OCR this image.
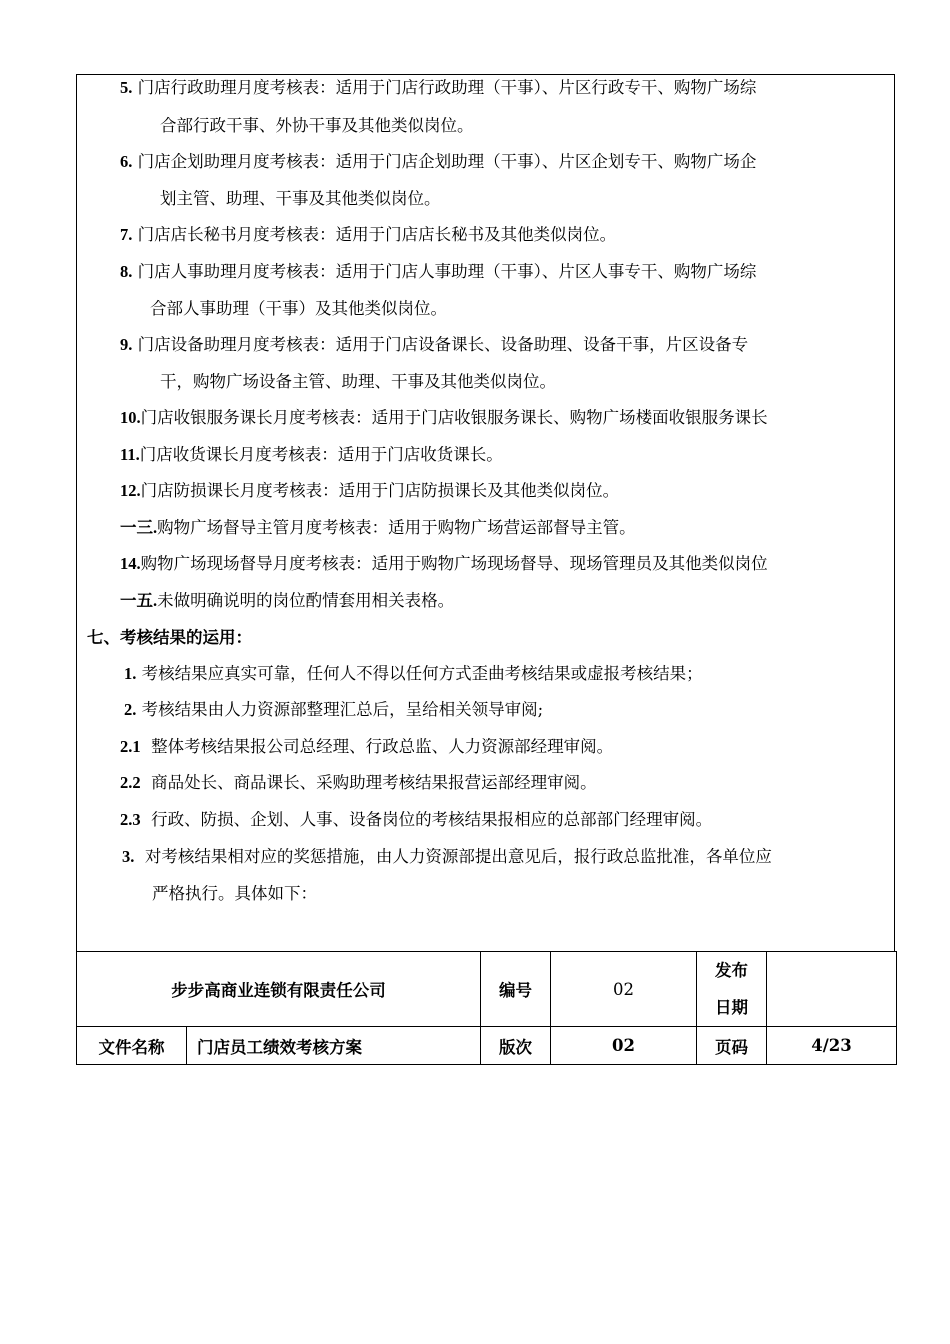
5. 门店行政助理月度考核表：适用于门店行政助理（干事）、片区行政专干、购物广场综
合部行政干事、外协干事及其他类似岗位。
6. 门店企划助理月度考核表：适用于门店企划助理（干事）、片区企划专干、购物广场企
划主管、助理、干事及其他类似岗位。
7. 门店店长秘书月度考核表：适用于门店店长秘书及其他类似岗位。
8. 门店人事助理月度考核表：适用于门店人事助理（干事）、片区人事专干、购物广场综
合部人事助理（干事）及其他类似岗位。
9. 门店设备助理月度考核表：适用于门店设备课长、设备助理、设备干事，片区设备专
干，购物广场设备主管、助理、干事及其他类似岗位。
10.门店收银服务课长月度考核表：适用于门店收银服务课长、购物广场楼面收银服务课长
11.门店收货课长月度考核表：适用于门店收货课长。
12.门店防损课长月度考核表：适用于门店防损课长及其他类似岗位。
一三.购物广场督导主管月度考核表：适用于购物广场营运部督导主管。
14.购物广场现场督导月度考核表：适用于购物广场现场督导、现场管理员及其他类似岗位
一五.未做明确说明的岗位酌情套用相关表格。
七、考核结果的运用：
1. 考核结果应真实可靠，任何人不得以任何方式歪曲考核结果或虚报考核结果；
2. 考核结果由人力资源部整理汇总后，呈给相关领导审阅;
2.1 整体考核结果报公司总经理、行政总监、人力资源部经理审阅。
2.2 商品处长、商品课长、采购助理考核结果报营运部经理审阅。
2.3 行政、防损、企划、人事、设备岗位的考核结果报相应的总部部门经理审阅。
3. 对考核结果相对应的奖惩措施，由人力资源部提出意见后，报行政总监批准，各单位应
严格执行。具体如下：
步步高商业连锁有限责任公司		编号	02	发布
日期	
文件名称	门店员工绩效考核方案	版次	02	页码	4/23
